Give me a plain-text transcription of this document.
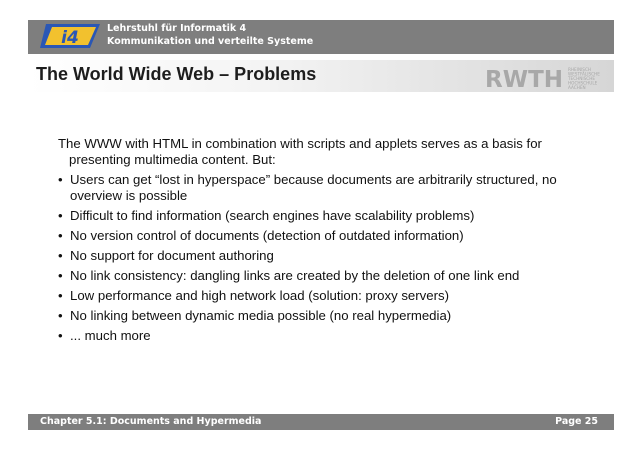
i4	Lehrstuhl für Informatik 4
Kommunikation und verteilte Systeme
The World Wide Web – Problems	RWTH RHEINISCH
WESTFÄLISCHE
TECHNISCHE
HOCHSCHULE
AACHEN

The WWW with HTML in combination with scripts and applets serves as a basis for presenting multimedia content. But:

• Users can get “lost in hyperspace” because documents are arbitrarily structured, no overview is possible
• Difficult to find information (search engines have scalability problems)
• No version control of documents (detection of outdated information)
• No support for document authoring
• No link consistency: dangling links are created by the deletion of one link end
• Low performance and high network load (solution: proxy servers)
• No linking between dynamic media possible (no real hypermedia)
• ... much more
Chapter 5.1: Documents and Hypermedia	Page 25
